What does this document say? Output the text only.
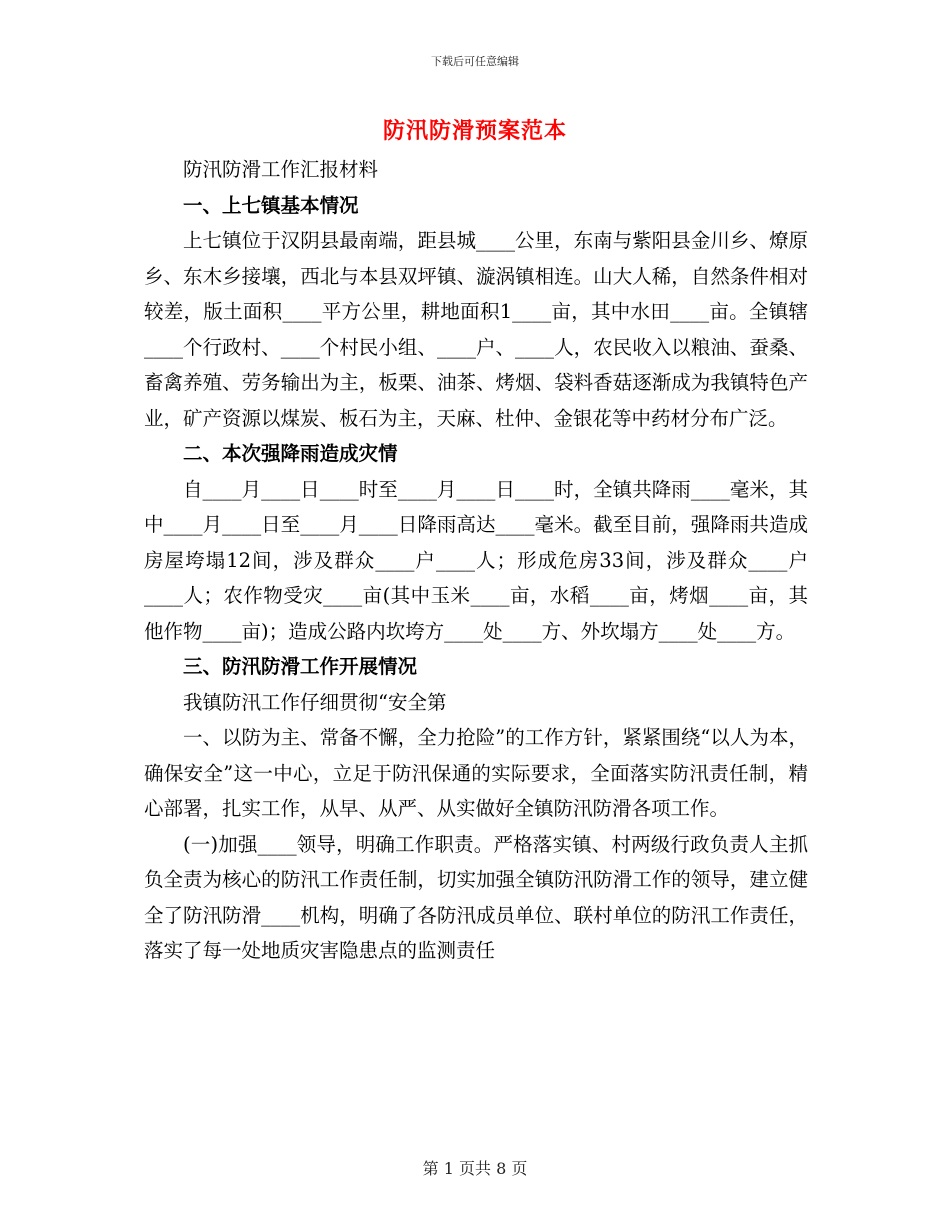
下载后可任意编辑
防汛防滑预案范本

防汛防滑工作汇报材料

一、上七镇基本情况

上七镇位于汉阴县最南端，距县城____公里，东南与紫阳县金川乡、燎原乡、东木乡接壤，西北与本县双坪镇、漩涡镇相连。山大人稀，自然条件相对较差，版土面积____平方公里，耕地面积1____亩，其中水田____亩。全镇辖____个行政村、____个村民小组、____户、____人，农民收入以粮油、蚕桑、畜禽养殖、劳务输出为主，板栗、油茶、烤烟、袋料香菇逐渐成为我镇特色产业，矿产资源以煤炭、板石为主，天麻、杜仲、金银花等中药材分布广泛。

二、本次强降雨造成灾情

自____月____日____时至____月____日____时，全镇共降雨____毫米，其中____月____日至____月____日降雨高达____毫米。截至目前，强降雨共造成房屋垮塌12间，涉及群众____户____人；形成危房33间，涉及群众____户____人；农作物受灾____亩(其中玉米____亩，水稻____亩，烤烟____亩，其他作物____亩)；造成公路内坎垮方____处____方、外坎塌方____处____方。

三、防汛防滑工作开展情况

我镇防汛工作仔细贯彻“安全第

一、以防为主、常备不懈，全力抢险”的工作方针，紧紧围绕“以人为本，确保安全”这一中心，立足于防汛保通的实际要求，全面落实防汛责任制，精心部署，扎实工作，从早、从严、从实做好全镇防汛防滑各项工作。

(一)加强____领导，明确工作职责。严格落实镇、村两级行政负责人主抓负全责为核心的防汛工作责任制，切实加强全镇防汛防滑工作的领导，建立健全了防汛防滑____机构，明确了各防汛成员单位、联村单位的防汛工作责任，落实了每一处地质灾害隐患点的监测责任

第 1 页共 8 页
